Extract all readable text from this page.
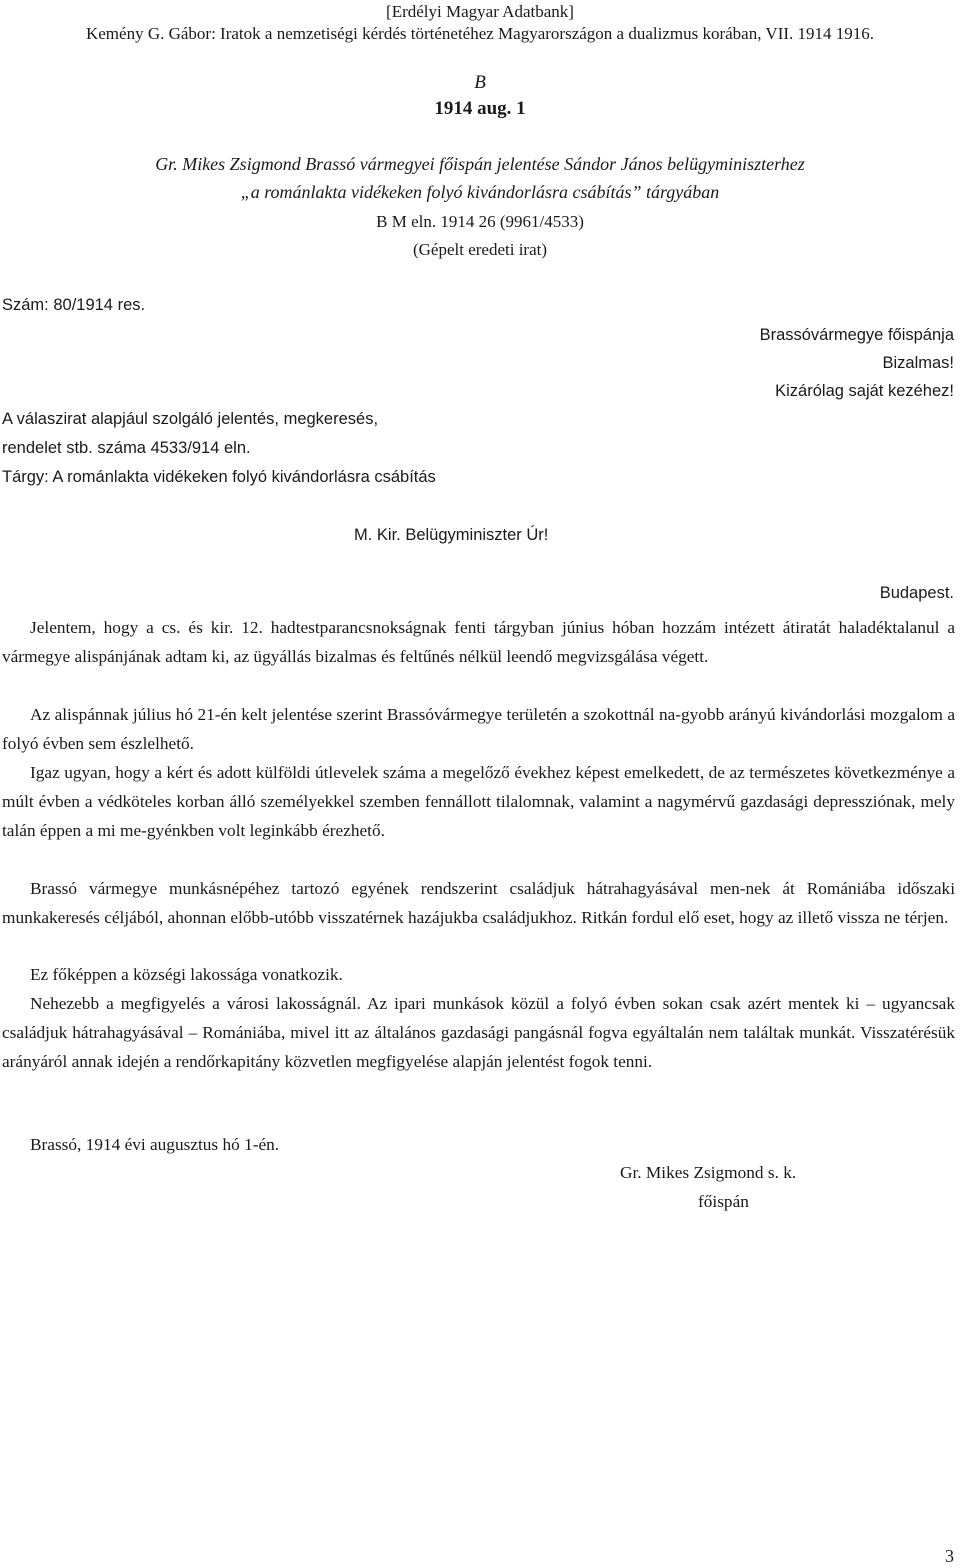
[Erdélyi Magyar Adatbank]

Kemény G. Gábor: Iratok a nemzetiségi kérdés történetéhez Magyarországon a dualizmus korában, VII. 1914 1916.

B

1914 aug. 1

Gr. Mikes Zsigmond Brassó vármegyei főispán jelentése Sándor János belügyminiszterhez

„a románlakta vidékeken folyó kivándorlásra csábítás” tárgyában

B M eln. 1914 26 (9961/4533)

(Gépelt eredeti irat)

Szám: 80/1914 res.

Brassóvármegye főispánja

Bizalmas!

Kizárólag saját kezéhez!

A válaszirat alapjául szolgáló jelentés, megkeresés,

rendelet stb. száma 4533/914 eln.

Tárgy: A románlakta vidékeken folyó kivándorlásra csábítás

M. Kir. Belügyminiszter Úr!

Budapest.

Jelentem, hogy a cs. és kir. 12. hadtestparancsnokságnak fenti tárgyban június hóban hozzám intézett átiratát haladéktalanul a vármegye alispánjának adtam ki, az ügyállás bizalmas és feltűnés nélkül leendő megvizsgálása végett.

Az alispánnak július hó 21-én kelt jelentése szerint Brassóvármegye területén a szokottnál na-gyobb arányú kivándorlási mozgalom a folyó évben sem észlelhető.

Igaz ugyan, hogy a kért és adott külföldi útlevelek száma a megelőző évekhez képest emelkedett, de az természetes következménye a múlt évben a védköteles korban álló személyekkel szemben fennállott tilalomnak, valamint a nagymérvű gazdasági depressziónak, mely talán éppen a mi me-gyénkben volt leginkább érezhető.

Brassó vármegye munkásnépéhez tartozó egyének rendszerint családjuk hátrahagyásával men-nek át Romániába időszaki munkakeresés céljából, ahonnan előbb-utóbb visszatérnek hazájukba családjukhoz. Ritkán fordul elő eset, hogy az illető vissza ne térjen.

Ez főképpen a községi lakossága vonatkozik.

Nehezebb a megfigyelés a városi lakosságnál. Az ipari munkások közül a folyó évben sokan csak azért mentek ki – ugyancsak családjuk hátrahagyásával – Romániába, mivel itt az általános gazdasági pangásnál fogva egyáltalán nem találtak munkát. Visszatérésük arányáról annak idején a rendőrkapitány közvetlen megfigyelése alapján jelentést fogok tenni.

Brassó, 1914 évi augusztus hó 1-én.

Gr. Mikes Zsigmond s. k.

főispán

3
